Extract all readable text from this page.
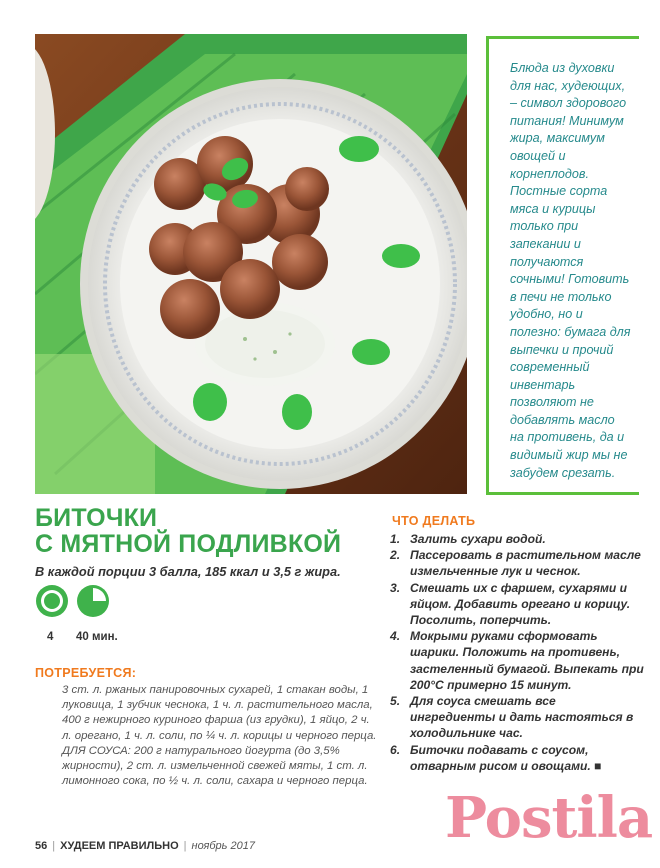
Блюда из духовки для нас, худеющих, – символ здорового питания! Минимум жира, максимум овощей и корнеплодов. Постные сорта мяса и курицы только при запекании и получаются сочными! Готовить в печи не только удобно, но и полезно: бумага для выпечки и прочий современный инвентарь позволяют не добавлять масло на противень, да и видимый жир мы не забудем срезать.

БИТОЧКИ
С МЯТНОЙ ПОДЛИВКОЙ

В каждой порции 3 балла, 185 ккал и 3,5 г жира.

4 40 мин.
ПОТРЕБУЕТСЯ:

3 ст. л. ржаных панировочных сухарей, 1 стакан воды, 1 луковица, 1 зубчик чеснока, 1 ч. л. растительного масла, 400 г нежирного куриного фарша (из грудки), 1 яйцо, 2 ч. л. орегано, 1 ч. л. соли, по ¼ ч. л. корицы и черного перца.

ДЛЯ СОУСА: 200 г натурального йогурта (до 3,5% жирности), 2 ст. л. измельченной свежей мяты, 1 ст. л. лимонного сока, по ½ ч. л. соли, сахара и черного перца.

ЧТО ДЕЛАТЬ
1. Залить сухари водой.
2. Пассеровать в растительном масле измельченные лук и чеснок.
3. Смешать их с фаршем, сухарями и яйцом. Добавить орегано и корицу. Посолить, поперчить.
4. Мокрыми руками сформовать шарики. Положить на противень, застеленный бумагой. Выпекать при 200°С примерно 15 минут.
5. Для соуса смешать все ингредиенты и дать настояться в холодильнике час.
6. Биточки подавать с соусом, отварным рисом и овощами. ■
Postila
56 | ХУДЕЕМ ПРАВИЛЬНО | ноябрь 2017
